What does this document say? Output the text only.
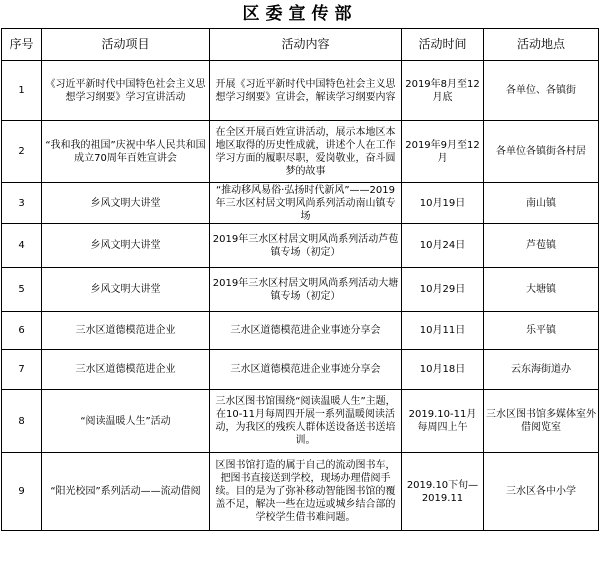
区委宣传部
序号	活动项目	活动内容	活动时间	活动地点
1	《习近平新时代中国特色社会主义思想学习纲要》学习宣讲活动	开展《习近平新时代中国特色社会主义思想学习纲要》宣讲会，解读学习纲要内容	2019年8月至12月底	各单位、各镇街
2	“我和我的祖国”庆祝中华人民共和国成立70周年百姓宣讲会	在全区开展百姓宣讲活动，展示本地区本地区取得的历史性成就，讲述个人在工作学习方面的履职尽职，爱岗敬业，奋斗圆梦的故事	2019年9月至12月	各单位各镇街各村居
3	乡风文明大讲堂	“推动移风易俗·弘扬时代新风”——2019年三水区村居文明风尚系列活动南山镇专场	10月19日	南山镇
4	乡风文明大讲堂	2019年三水区村居文明风尚系列活动芦苞镇专场（初定）	10月24日	芦苞镇
5	乡风文明大讲堂	2019年三水区村居文明风尚系列活动大塘镇专场（初定）	10月29日	大塘镇
6	三水区道德模范进企业	三水区道德模范进企业事迹分享会	10月11日	乐平镇
7	三水区道德模范进企业	三水区道德模范进企业事迹分享会	10月18日	云东海街道办
8	“阅读温暖人生”活动	三水区图书馆围绕“阅读温暖人生”主题，在10-11月每周四开展一系列温暖阅读活动，为我区的残疾人群体送设备送书送培训。	2019.10-11月每周四上午	三水区图书馆多媒体室外借阅览室
9	“阳光校园”系列活动——流动借阅	区图书馆打造的属于自己的流动图书车，把图书直接送到学校，现场办理借阅手续。目的是为了弥补移动智能图书馆的覆盖不足，解决一些在边远或城乡结合部的学校学生借书难问题。	2019.10下旬—2019.11	三水区各中小学
